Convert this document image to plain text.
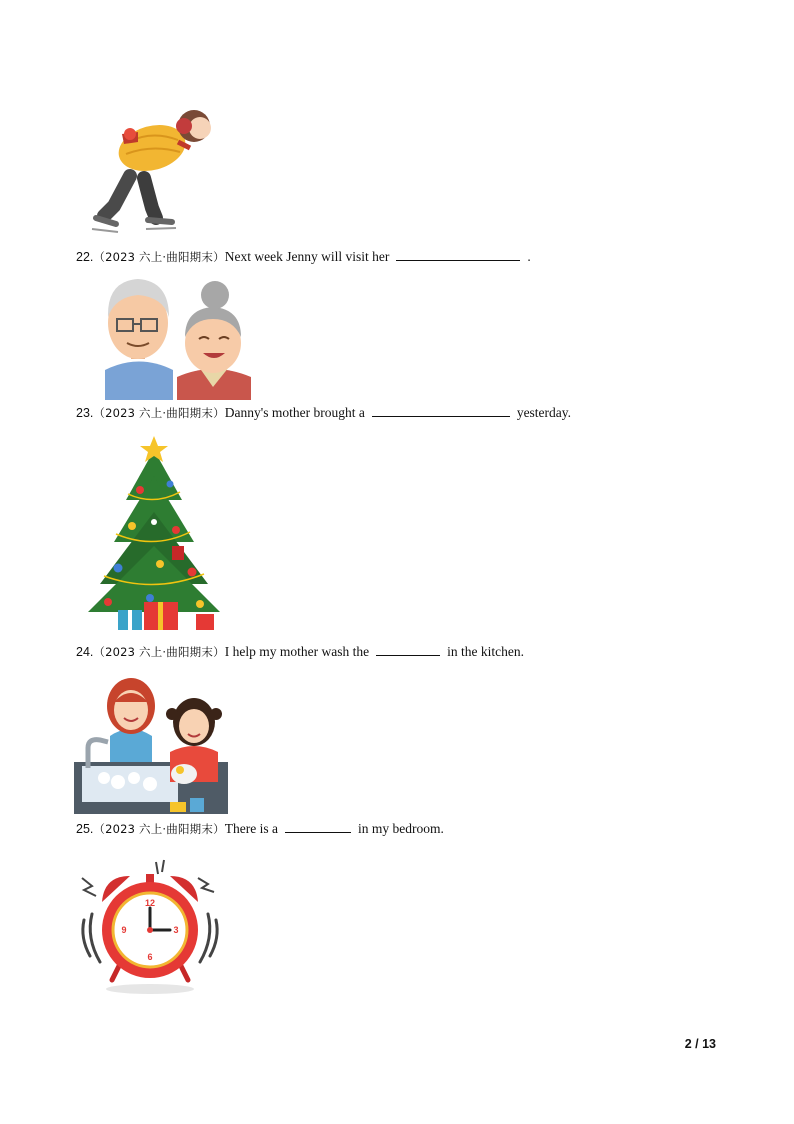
22 . （2023 六上·曲阳期末） Next week Jenny will visit her	.
23 . （2023 六上·曲阳期末） Danny's mother brought a	yesterday.
24 . （2023 六上·曲阳期末） I help my mother wash the	in the kitchen.
25 . （2023 六上·曲阳期末） There is a	in my bedroom.
12
3
6
9
2 / 13
